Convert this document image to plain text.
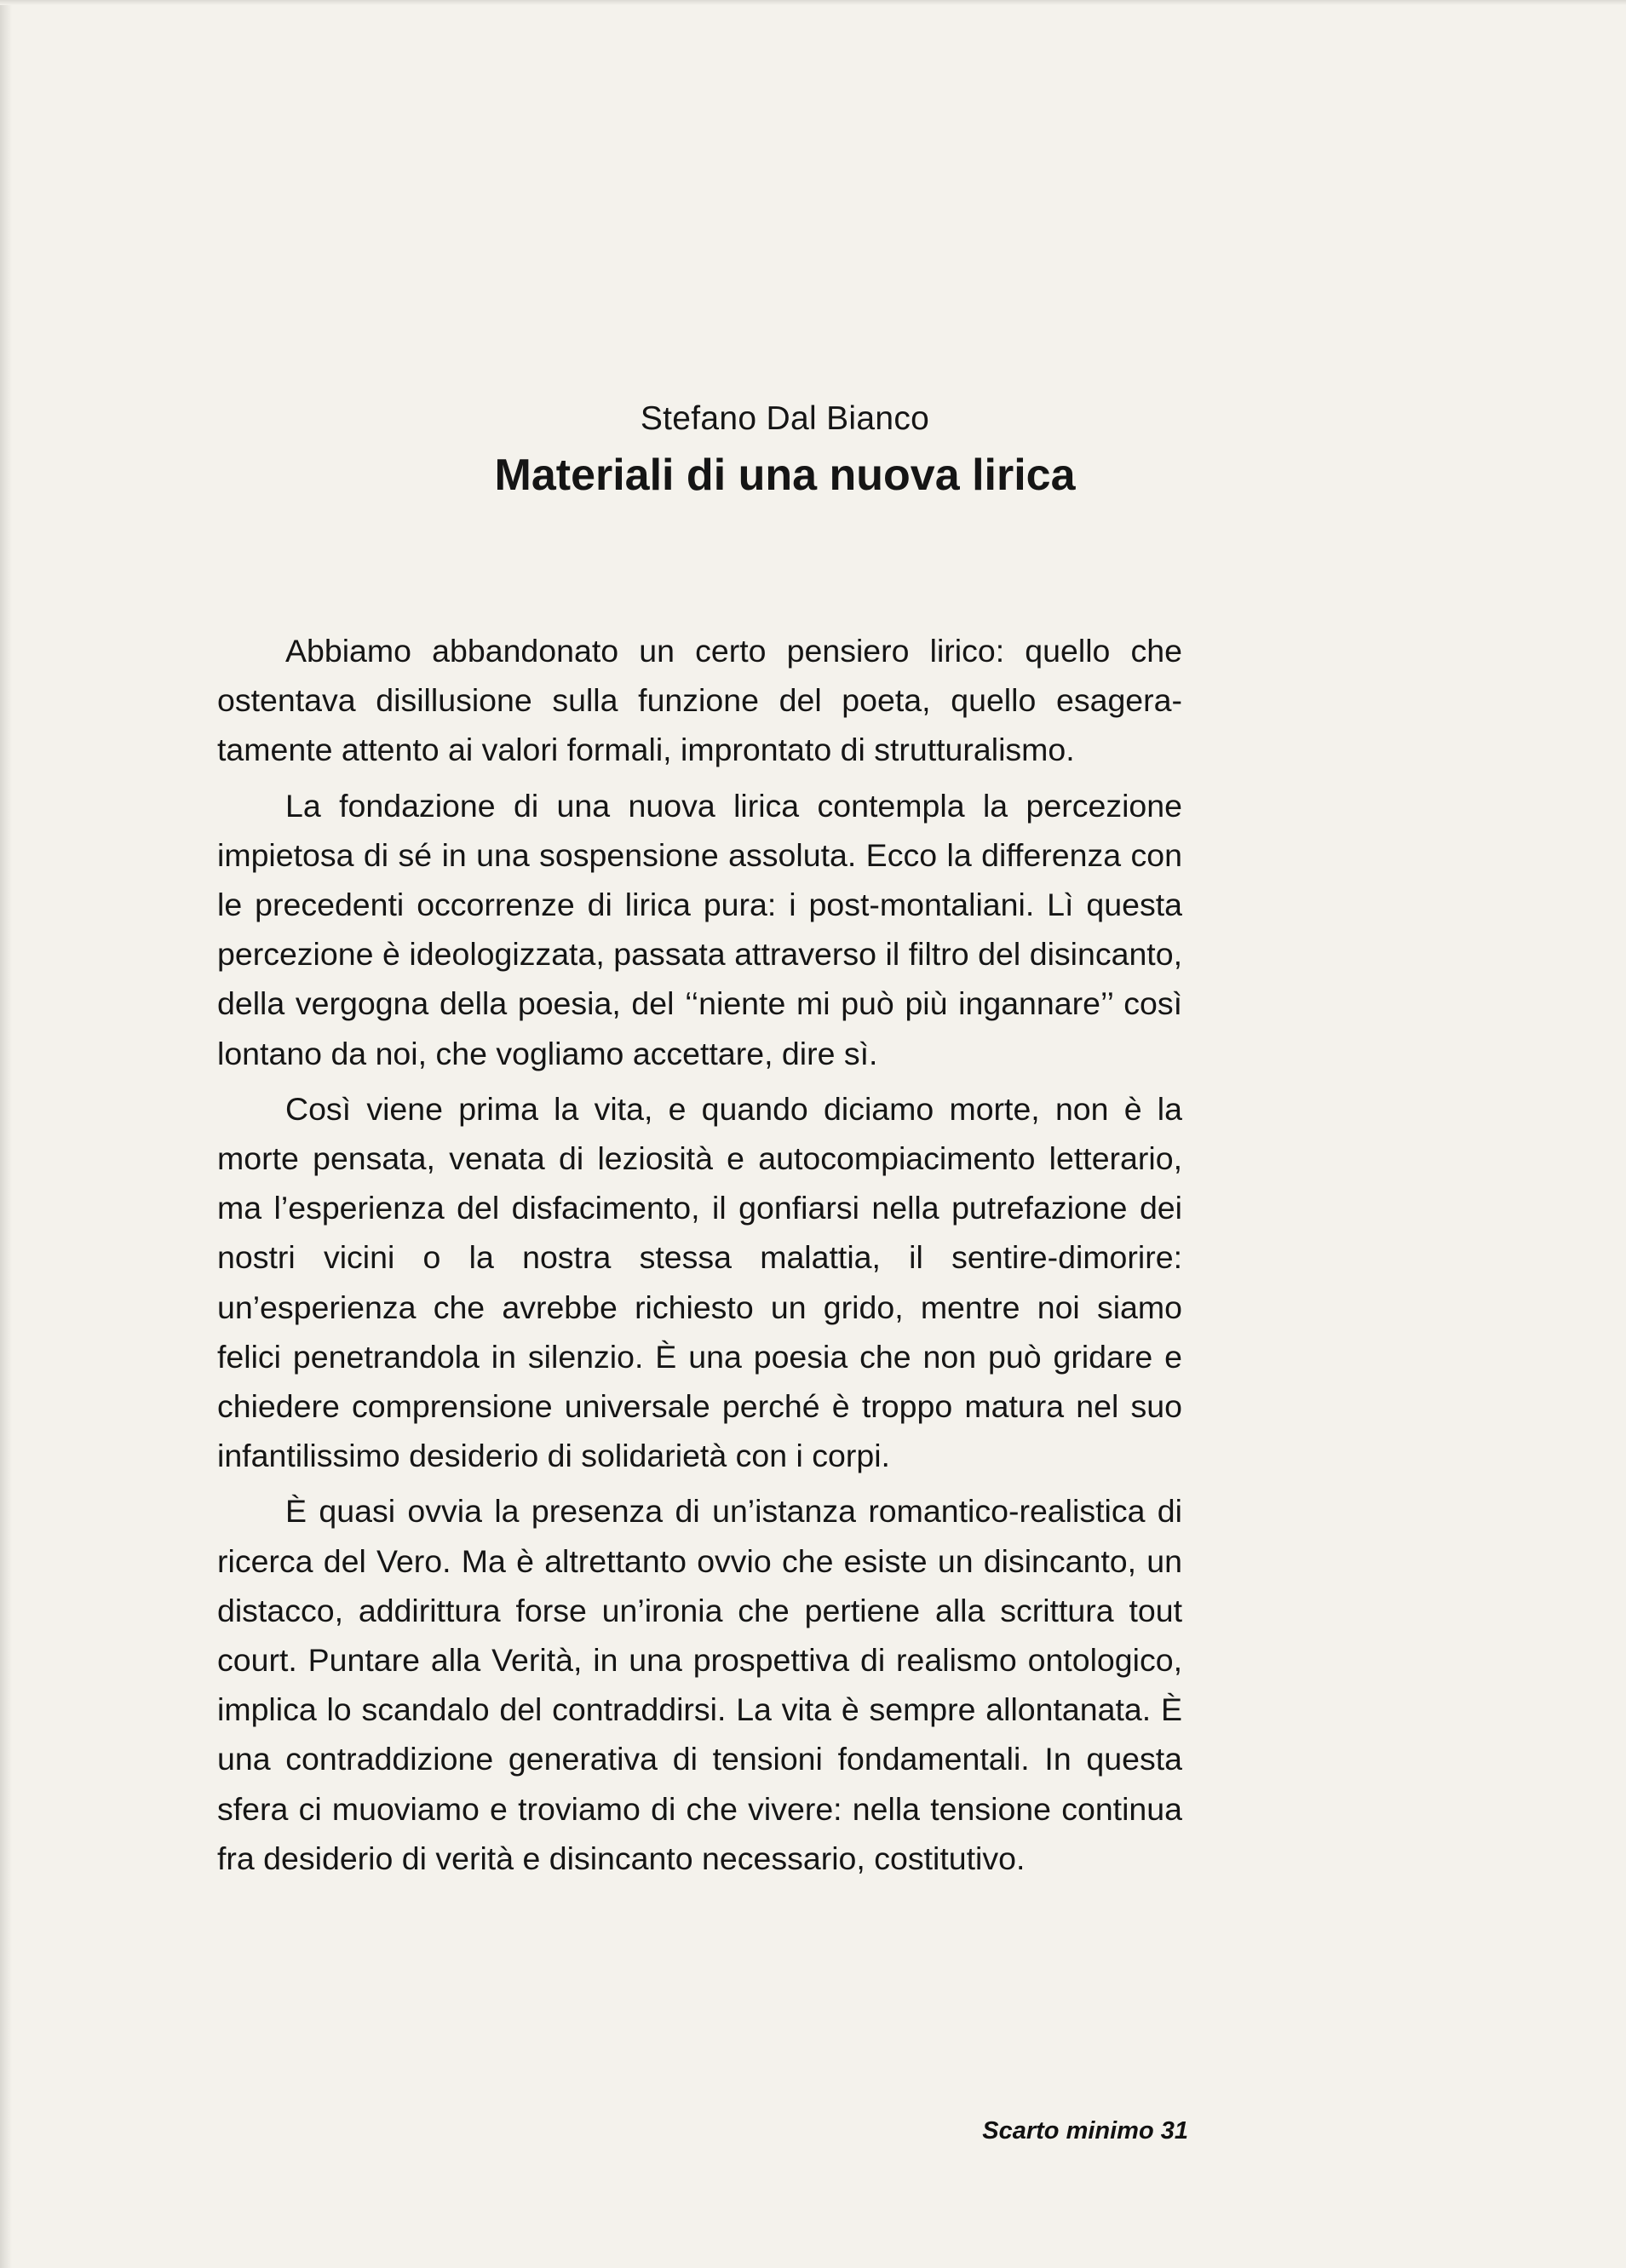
Stefano Dal Bianco
Materiali di una nuova lirica

Abbiamo abbandonato un certo pensiero lirico: quello che ostentava disillusione sulla funzione del poeta, quello esageratamente attento ai valori formali, improntato di strutturalismo.

La fondazione di una nuova lirica contempla la percezione impietosa di sé in una sospensione assoluta. Ecco la differenza con le precedenti occorrenze di lirica pura: i post-montaliani. Lì questa percezione è ideologizzata, passata attraverso il filtro del disincanto, della vergogna della poesia, del ‘‘niente mi può più ingannare’’ così lontano da noi, che vogliamo accettare, dire sì.

Così viene prima la vita, e quando diciamo morte, non è la morte pensata, venata di leziosità e autocompiacimento letterario, ma l’esperienza del disfacimento, il gonfiarsi nella putrefazione dei nostri vicini o la nostra stessa malattia, il sentire-dimorire: un’esperienza che avrebbe richiesto un grido, mentre noi siamo felici penetrandola in silenzio. È una poesia che non può gridare e chiedere comprensione universale perché è troppo matura nel suo infantilissimo desiderio di solidarietà con i corpi.

È quasi ovvia la presenza di un’istanza romantico-realistica di ricerca del Vero. Ma è altrettanto ovvio che esiste un disincanto, un distacco, addirittura forse un’ironia che pertiene alla scrittura tout court. Puntare alla Verità, in una prospettiva di realismo ontologico, implica lo scandalo del contraddirsi. La vita è sempre allontanata. È una contraddizione generativa di tensioni fondamentali. In questa sfera ci muoviamo e troviamo di che vivere: nella tensione continua fra desiderio di verità e disincanto necessario, costitutivo.

Scarto minimo 31
